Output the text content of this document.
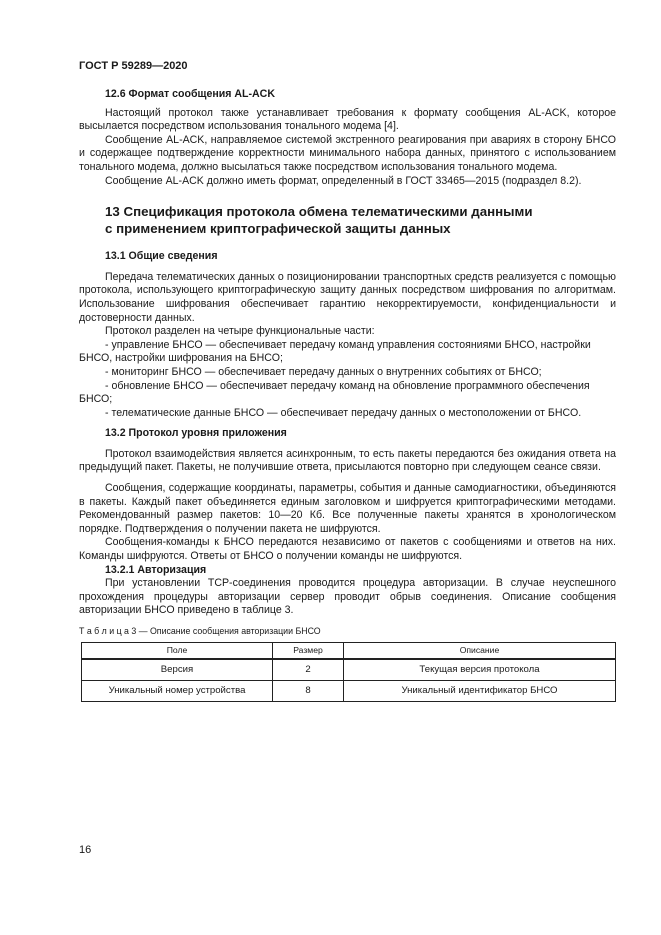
ГОСТ Р 59289—2020
12.6 Формат сообщения AL-ACK

Настоящий протокол также устанавливает требования к формату сообщения AL-ACK, которое высылается посредством использования тонального модема [4].

Сообщение AL-ACK, направляемое системой экстренного реагирования при авариях в сторону БНСО и содержащее подтверждение корректности минимального набора данных, принятого с использованием тонального модема, должно высылаться также посредством использования тонального модема.

Сообщение AL-ACK должно иметь формат, определенный в ГОСТ 33465—2015 (подраздел 8.2).

13 Спецификация протокола обмена телематическими данными
с применением криптографической защиты данных
13.1 Общие сведения

Передача телематических данных о позиционировании транспортных средств реализуется с помощью протокола, использующего криптографическую защиту данных посредством шифрования по алгоритмам. Использование шифрования обеспечивает гарантию некорректируемости, конфиденциальности и достоверности данных.

Протокол разделен на четыре функциональные части:

- управление БНСО — обеспечивает передачу команд управления состояниями БНСО, настройки
БНСО, настройки шифрования на БНСО;
- мониторинг БНСО — обеспечивает передачу данных о внутренних событиях от БНСО;
- обновление БНСО — обеспечивает передачу команд на обновление программного обеспечения
БНСО;
- телематические данные БНСО — обеспечивает передачу данных о местоположении от БНСО.
13.2 Протокол уровня приложения

Протокол взаимодействия является асинхронным, то есть пакеты передаются без ожидания ответа на предыдущий пакет. Пакеты, не получившие ответа, присылаются повторно при следующем сеансе связи.

Сообщения, содержащие координаты, параметры, события и данные самодиагностики, объединяются в пакеты. Каждый пакет объединяется единым заголовком и шифруется криптографическими методами. Рекомендованный размер пакетов: 10—20 Кб. Все полученные пакеты хранятся в хронологическом порядке. Подтверждения о получении пакета не шифруются.

Сообщения-команды к БНСО передаются независимо от пакетов с сообщениями и ответов на них. Команды шифруются. Ответы от БНСО о получении команды не шифруются.

13.2.1 Авторизация

При установлении TCP-соединения проводится процедура авторизации. В случае неуспешного прохождения процедуры авторизации сервер проводит обрыв соединения. Описание сообщения авторизации БНСО приведено в таблице 3.

Т а б л и ц а 3 — Описание сообщения авторизации БНСО
Поле	Размер	Описание
Версия	2	Текущая версия протокола
Уникальный номер устройства	8	Уникальный идентификатор БНСО
16
